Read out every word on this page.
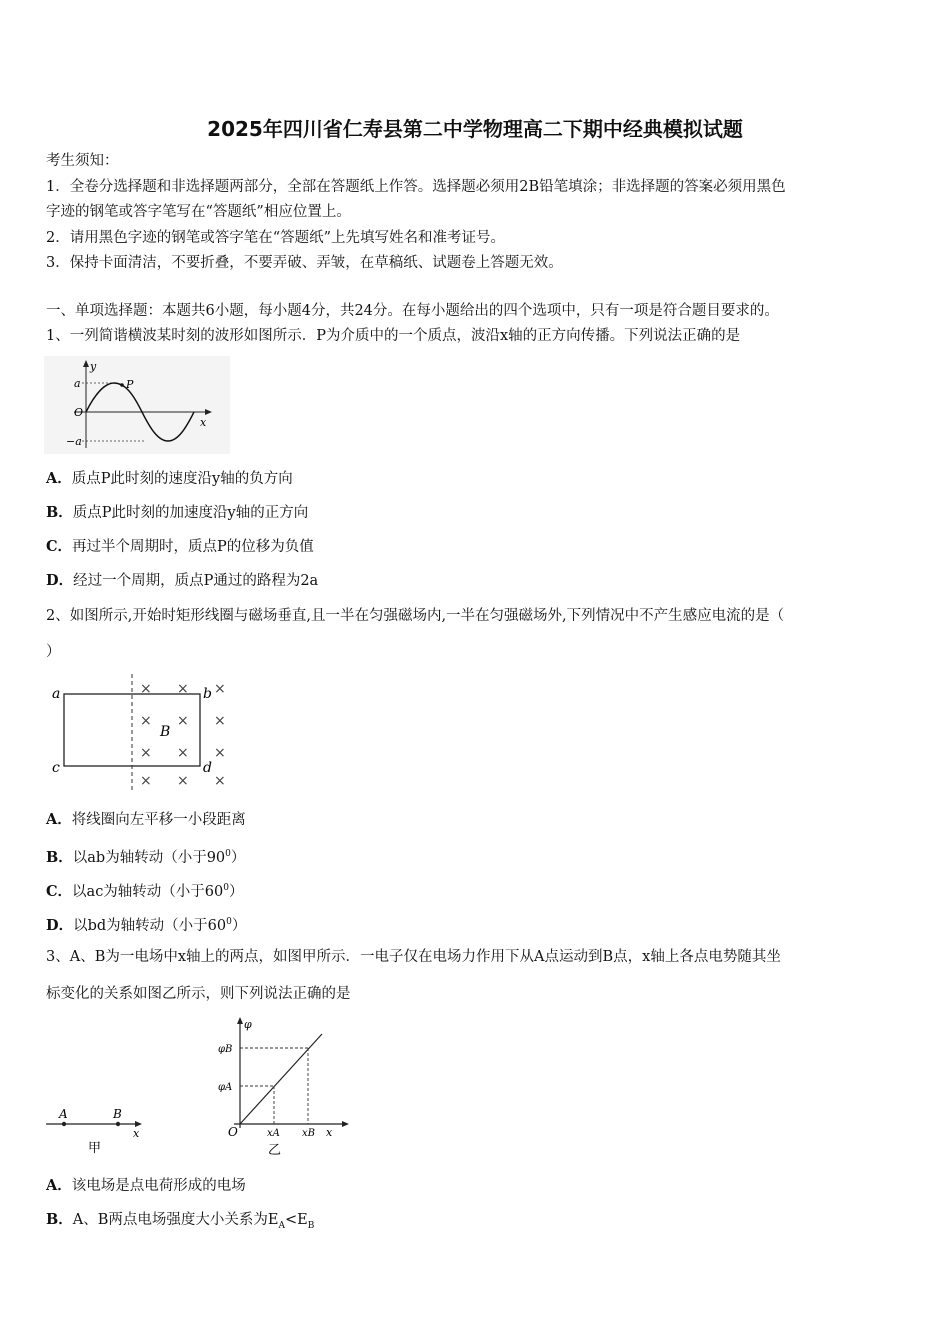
2025年四川省仁寿县第二中学物理高二下期中经典模拟试题
考生须知：
1．全卷分选择题和非选择题两部分，全部在答题纸上作答。选择题必须用2B铅笔填涂；非选择题的答案必须用黑色
字迹的钢笔或答字笔写在“答题纸”相应位置上。
2．请用黑色字迹的钢笔或答字笔在“答题纸”上先填写姓名和准考证号。
3．保持卡面清洁，不要折叠，不要弄破、弄皱，在草稿纸、试题卷上答题无效。
一、单项选择题：本题共6小题，每小题4分，共24分。在每小题给出的四个选项中，只有一项是符合题目要求的。
1、一列简谐横波某时刻的波形如图所示．P为介质中的一个质点，波沿x轴的正方向传播。下列说法正确的是
y
a
−a
O
P
x
A．质点P此时刻的速度沿y轴的负方向
B．质点P此时刻的加速度沿y轴的正方向
C．再过半个周期时，质点P的位移为负值
D．经过一个周期，质点P通过的路程为2a
2、如图所示,开始时矩形线圈与磁场垂直,且一半在匀强磁场内,一半在匀强磁场外,下列情况中不产生感应电流的是（
）
× × ×
× × ×
× × ×
× × ×
a	b
c	d
B
A．将线圈向左平移一小段距离
B．以ab为轴转动（小于$90^0$）
C．以ac为轴转动（小于$60^0$）
D．以bd为轴转动（小于$60^0$）
3、A、B为一电场中x轴上的两点，如图甲所示．一电子仅在电场力作用下从A点运动到B点，x轴上各点电势随其坐
标变化的关系如图乙所示，则下列说法正确的是
A	B
x
甲
φ
φB
φA
O	xA xB x
乙
A．该电场是点电荷形成的电场
B．A、B两点电场强度大小关系为$E_A<E_B$
